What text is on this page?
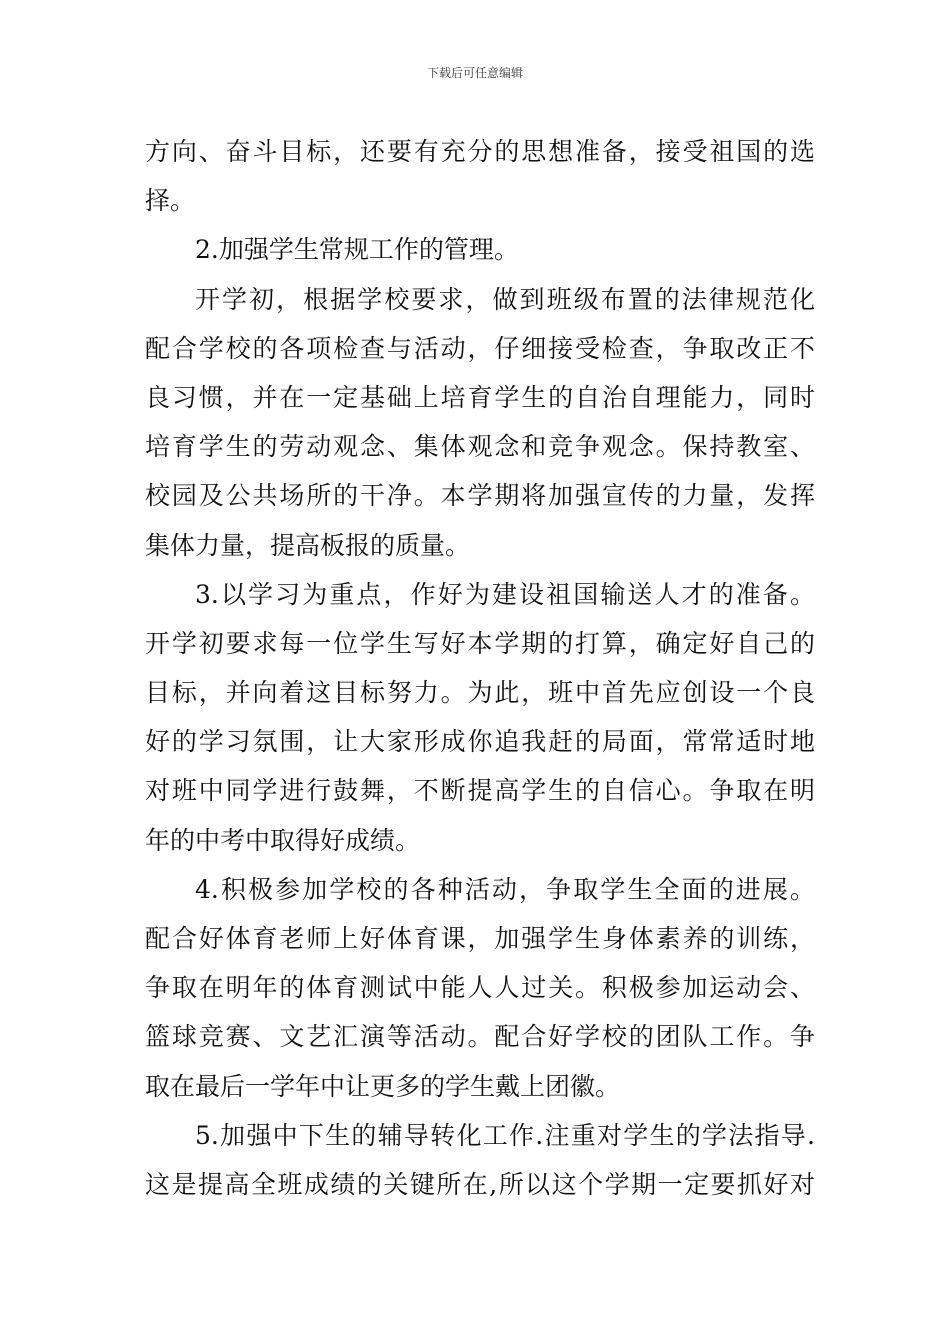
下载后可任意编辑
方向、奋斗目标，还要有充分的思想准备，接受祖国的选
择。
2.加强学生常规工作的管理。
开学初，根据学校要求，做到班级布置的法律规范化
配合学校的各项检查与活动，仔细接受检查，争取改正不
良习惯，并在一定基础上培育学生的自治自理能力，同时
培育学生的劳动观念、集体观念和竞争观念。保持教室、
校园及公共场所的干净。本学期将加强宣传的力量，发挥
集体力量，提高板报的质量。
3.以学习为重点，作好为建设祖国输送人才的准备。
开学初要求每一位学生写好本学期的打算，确定好自己的
目标，并向着这目标努力。为此，班中首先应创设一个良
好的学习氛围，让大家形成你追我赶的局面，常常适时地
对班中同学进行鼓舞，不断提高学生的自信心。争取在明
年的中考中取得好成绩。
4.积极参加学校的各种活动，争取学生全面的进展。
配合好体育老师上好体育课，加强学生身体素养的训练，
争取在明年的体育测试中能人人过关。积极参加运动会、
篮球竞赛、文艺汇演等活动。配合好学校的团队工作。争
取在最后一学年中让更多的学生戴上团徽。
5.加强中下生的辅导转化工作.注重对学生的学法指导.
这是提高全班成绩的关键所在,所以这个学期一定要抓好对
